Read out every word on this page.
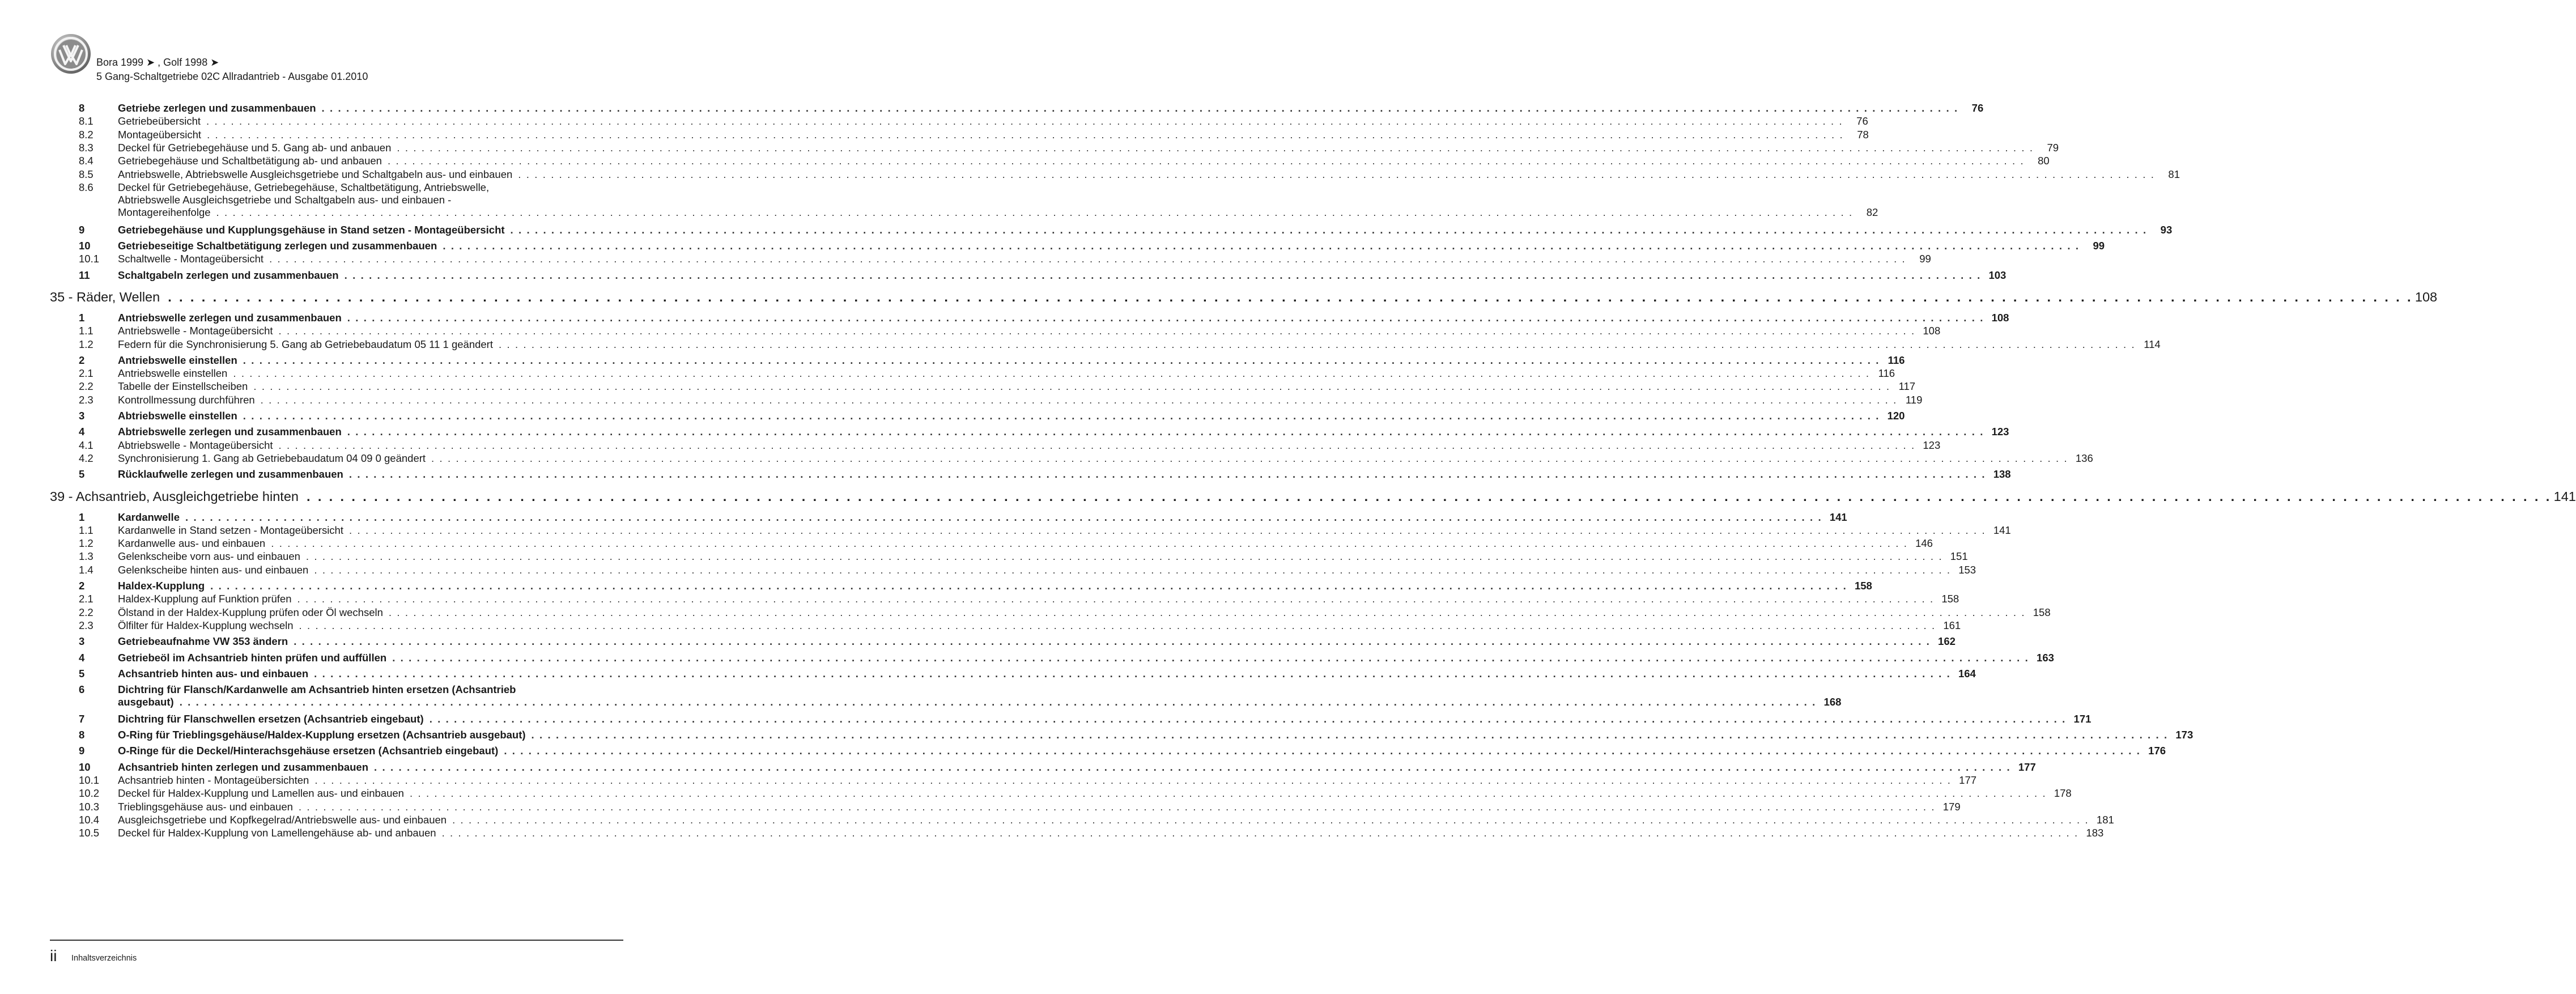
Bora 1999 ➤ , Golf 1998 ➤
5 Gang-Schaltgetriebe 02C Allradantrieb - Ausgabe 01.2010
8	Getriebe zerlegen und zusammenbauen . . . . . . . . . . . . . . . . . . . . . . . . . . . . . . . . . . . . . . . . . . . . . . . . . . . . . . . . . . . . . . . . . . . . . . . . . . . . . . . . . . . . . . . . . . . . . . . . . . . . . . . . . . . . . . . . . . . . . . . . . . . . . . . . . . . . . . . . . . . . . . . . . . . . . . . . . . . . . . . . . . . . . . . . . . . . . . . . . . . . . . . . . . . . . . . . . . . . . . . .	76
8.1 Getriebeübersicht . . . . . . . . . . . . . . . . . . . . . . . . . . . . . . . . . . . . . . . . . . . . . . . . . . . . . . . . . . . . . . . . . . . . . . . . . . . . . . . . . . . . . . . . . . . . . . . . . . . . . . . . . . . . . . . . . . . . . . . . . . . . . . . . . . . . . . . . . . . . . . . . . . . . . . . . . . . . . . . . . . . . . . . . . . . . . . . . . . . . . . . . . . . . . . . . . . . . . . . .	76
8.2 Montageübersicht . . . . . . . . . . . . . . . . . . . . . . . . . . . . . . . . . . . . . . . . . . . . . . . . . . . . . . . . . . . . . . . . . . . . . . . . . . . . . . . . . . . . . . . . . . . . . . . . . . . . . . . . . . . . . . . . . . . . . . . . . . . . . . . . . . . . . . . . . . . . . . . . . . . . . . . . . . . . . . . . . . . . . . . . . . . . . . . . . . . . . . . . . . . . . . . . . . . . . . . .	78
8.3 Deckel für Getriebegehäuse und 5. Gang ab- und anbauen . . . . . . . . . . . . . . . . . . . . . . . . . . . . . . . . . . . . . . . . . . . . . . . . . . . . . . . . . . . . . . . . . . . . . . . . . . . . . . . . . . . . . . . . . . . . . . . . . . . . . . . . . . . . . . . . . . . . . . . . . . . . . . . . . . . . . . . . . . . . . . . . . . . . . . . . . . . . . . . . . . . . . . . . . . . . . . . . . . . . . . . . . . . . . . . . . . . . . . . .	79
8.4 Getriebegehäuse und Schaltbetätigung ab- und anbauen . . . . . . . . . . . . . . . . . . . . . . . . . . . . . . . . . . . . . . . . . . . . . . . . . . . . . . . . . . . . . . . . . . . . . . . . . . . . . . . . . . . . . . . . . . . . . . . . . . . . . . . . . . . . . . . . . . . . . . . . . . . . . . . . . . . . . . . . . . . . . . . . . . . . . . . . . . . . . . . . . . . . . . . . . . . . . . . . . . . . . . . . . . . . . . . . . . . . . . . .	80
8.5 Antriebswelle, Abtriebswelle Ausgleichsgetriebe und Schaltgabeln aus- und einbauen . . . . . . . . . . . . . . . . . . . . . . . . . . . . . . . . . . . . . . . . . . . . . . . . . . . . . . . . . . . . . . . . . . . . . . . . . . . . . . . . . . . . . . . . . . . . . . . . . . . . . . . . . . . . . . . . . . . . . . . . . . . . . . . . . . . . . . . . . . . . . . . . . . . . . . . . . . . . . . . . . . . . . . . . . . . . . . . . . . . . . . . . . . . . . . . . . . . . . . . .	81
8.6 Deckel für Getriebegehäuse, Getriebegehäuse, Schaltbetätigung, Antriebswelle,
Abtriebswelle Ausgleichsgetriebe und Schaltgabeln aus- und einbauen -
Montagereihenfolge . . . . . . . . . . . . . . . . . . . . . . . . . . . . . . . . . . . . . . . . . . . . . . . . . . . . . . . . . . . . . . . . . . . . . . . . . . . . . . . . . . . . . . . . . . . . . . . . . . . . . . . . . . . . . . . . . . . . . . . . . . . . . . . . . . . . . . . . . . . . . . . . . . . . . . . . . . . . . . . . . . . . . . . . . . . . . . . . . . . . . . . . . . . . . . . . . . . . . . . .	82
9	Getriebegehäuse und Kupplungsgehäuse in Stand setzen - Montageübersicht . . . . . . . . . . . . . . . . . . . . . . . . . . . . . . . . . . . . . . . . . . . . . . . . . . . . . . . . . . . . . . . . . . . . . . . . . . . . . . . . . . . . . . . . . . . . . . . . . . . . . . . . . . . . . . . . . . . . . . . . . . . . . . . . . . . . . . . . . . . . . . . . . . . . . . . . . . . . . . . . . . . . . . . . . . . . . . . . . . . . . . . . . . . . . . . . . . . . . . . .	93
10	Getriebeseitige Schaltbetätigung zerlegen und zusammenbauen . . . . . . . . . . . . . . . . . . . . . . . . . . . . . . . . . . . . . . . . . . . . . . . . . . . . . . . . . . . . . . . . . . . . . . . . . . . . . . . . . . . . . . . . . . . . . . . . . . . . . . . . . . . . . . . . . . . . . . . . . . . . . . . . . . . . . . . . . . . . . . . . . . . . . . . . . . . . . . . . . . . . . . . . . . . . . . . . . . . . . . . . . . . . . . . . . . . . . . . .	99
10.1 Schaltwelle - Montageübersicht . . . . . . . . . . . . . . . . . . . . . . . . . . . . . . . . . . . . . . . . . . . . . . . . . . . . . . . . . . . . . . . . . . . . . . . . . . . . . . . . . . . . . . . . . . . . . . . . . . . . . . . . . . . . . . . . . . . . . . . . . . . . . . . . . . . . . . . . . . . . . . . . . . . . . . . . . . . . . . . . . . . . . . . . . . . . . . . . . . . . . . . . . . . . . . . . . . . . . . . .	99
11	Schaltgabeln zerlegen und zusammenbauen . . . . . . . . . . . . . . . . . . . . . . . . . . . . . . . . . . . . . . . . . . . . . . . . . . . . . . . . . . . . . . . . . . . . . . . . . . . . . . . . . . . . . . . . . . . . . . . . . . . . . . . . . . . . . . . . . . . . . . . . . . . . . . . . . . . . . . . . . . . . . . . . . . . . . . . . . . . . . . . . . . . . . . . . . . . . . . . . . . . . . . . . . . . . . . . . . . . . . . . . 103
35 - Räder, Wellen . . . . . . . . . . . . . . . . . . . . . . . . . . . . . . . . . . . . . . . . . . . . . . . . . . . . . . . . . . . . . . . . . . . . . . . . . . . . . . . . . . . . . . . . . . . . . . . . . . . . . . . . . . . . . . . . . . . . . . . . . . . . . . . . . . . . . . . . . . . . . . . . . . . . . . . . . . . . . . . . . . . . . . . . . . . . . . . . . . . . . . . . . . . . . . . . . . . . . . . . 108
1	Antriebswelle zerlegen und zusammenbauen . . . . . . . . . . . . . . . . . . . . . . . . . . . . . . . . . . . . . . . . . . . . . . . . . . . . . . . . . . . . . . . . . . . . . . . . . . . . . . . . . . . . . . . . . . . . . . . . . . . . . . . . . . . . . . . . . . . . . . . . . . . . . . . . . . . . . . . . . . . . . . . . . . . . . . . . . . . . . . . . . . . . . . . . . . . . . . . . . . . . . . . . . . . . . . . . . . . . . . . . 108
1.1 Antriebswelle - Montageübersicht . . . . . . . . . . . . . . . . . . . . . . . . . . . . . . . . . . . . . . . . . . . . . . . . . . . . . . . . . . . . . . . . . . . . . . . . . . . . . . . . . . . . . . . . . . . . . . . . . . . . . . . . . . . . . . . . . . . . . . . . . . . . . . . . . . . . . . . . . . . . . . . . . . . . . . . . . . . . . . . . . . . . . . . . . . . . . . . . . . . . . . . . . . . . . . . . . . . . . . . . 108
1.2 Federn für die Synchronisierung 5. Gang ab Getriebebaudatum 05 11 1 geändert . . . . . . . . . . . . . . . . . . . . . . . . . . . . . . . . . . . . . . . . . . . . . . . . . . . . . . . . . . . . . . . . . . . . . . . . . . . . . . . . . . . . . . . . . . . . . . . . . . . . . . . . . . . . . . . . . . . . . . . . . . . . . . . . . . . . . . . . . . . . . . . . . . . . . . . . . . . . . . . . . . . . . . . . . . . . . . . . . . . . . . . . . . . . . . . . . . . . . . . . 114
2	Antriebswelle einstellen . . . . . . . . . . . . . . . . . . . . . . . . . . . . . . . . . . . . . . . . . . . . . . . . . . . . . . . . . . . . . . . . . . . . . . . . . . . . . . . . . . . . . . . . . . . . . . . . . . . . . . . . . . . . . . . . . . . . . . . . . . . . . . . . . . . . . . . . . . . . . . . . . . . . . . . . . . . . . . . . . . . . . . . . . . . . . . . . . . . . . . . . . . . . . . . . . . . . . . . . 116
2.1 Antriebswelle einstellen . . . . . . . . . . . . . . . . . . . . . . . . . . . . . . . . . . . . . . . . . . . . . . . . . . . . . . . . . . . . . . . . . . . . . . . . . . . . . . . . . . . . . . . . . . . . . . . . . . . . . . . . . . . . . . . . . . . . . . . . . . . . . . . . . . . . . . . . . . . . . . . . . . . . . . . . . . . . . . . . . . . . . . . . . . . . . . . . . . . . . . . . . . . . . . . . . . . . . . . . 116
2.2 Tabelle der Einstellscheiben . . . . . . . . . . . . . . . . . . . . . . . . . . . . . . . . . . . . . . . . . . . . . . . . . . . . . . . . . . . . . . . . . . . . . . . . . . . . . . . . . . . . . . . . . . . . . . . . . . . . . . . . . . . . . . . . . . . . . . . . . . . . . . . . . . . . . . . . . . . . . . . . . . . . . . . . . . . . . . . . . . . . . . . . . . . . . . . . . . . . . . . . . . . . . . . . . . . . . . . . 117
2.3 Kontrollmessung durchführen . . . . . . . . . . . . . . . . . . . . . . . . . . . . . . . . . . . . . . . . . . . . . . . . . . . . . . . . . . . . . . . . . . . . . . . . . . . . . . . . . . . . . . . . . . . . . . . . . . . . . . . . . . . . . . . . . . . . . . . . . . . . . . . . . . . . . . . . . . . . . . . . . . . . . . . . . . . . . . . . . . . . . . . . . . . . . . . . . . . . . . . . . . . . . . . . . . . . . . . . 119
3	Abtriebswelle einstellen . . . . . . . . . . . . . . . . . . . . . . . . . . . . . . . . . . . . . . . . . . . . . . . . . . . . . . . . . . . . . . . . . . . . . . . . . . . . . . . . . . . . . . . . . . . . . . . . . . . . . . . . . . . . . . . . . . . . . . . . . . . . . . . . . . . . . . . . . . . . . . . . . . . . . . . . . . . . . . . . . . . . . . . . . . . . . . . . . . . . . . . . . . . . . . . . . . . . . . . . 120
4	Abtriebswelle zerlegen und zusammenbauen . . . . . . . . . . . . . . . . . . . . . . . . . . . . . . . . . . . . . . . . . . . . . . . . . . . . . . . . . . . . . . . . . . . . . . . . . . . . . . . . . . . . . . . . . . . . . . . . . . . . . . . . . . . . . . . . . . . . . . . . . . . . . . . . . . . . . . . . . . . . . . . . . . . . . . . . . . . . . . . . . . . . . . . . . . . . . . . . . . . . . . . . . . . . . . . . . . . . . . . . 123
4.1 Abtriebswelle - Montageübersicht . . . . . . . . . . . . . . . . . . . . . . . . . . . . . . . . . . . . . . . . . . . . . . . . . . . . . . . . . . . . . . . . . . . . . . . . . . . . . . . . . . . . . . . . . . . . . . . . . . . . . . . . . . . . . . . . . . . . . . . . . . . . . . . . . . . . . . . . . . . . . . . . . . . . . . . . . . . . . . . . . . . . . . . . . . . . . . . . . . . . . . . . . . . . . . . . . . . . . . . . 123
4.2 Synchronisierung 1. Gang ab Getriebebaudatum 04 09 0 geändert . . . . . . . . . . . . . . . . . . . . . . . . . . . . . . . . . . . . . . . . . . . . . . . . . . . . . . . . . . . . . . . . . . . . . . . . . . . . . . . . . . . . . . . . . . . . . . . . . . . . . . . . . . . . . . . . . . . . . . . . . . . . . . . . . . . . . . . . . . . . . . . . . . . . . . . . . . . . . . . . . . . . . . . . . . . . . . . . . . . . . . . . . . . . . . . . . . . . . . . . 136
5	Rücklaufwelle zerlegen und zusammenbauen . . . . . . . . . . . . . . . . . . . . . . . . . . . . . . . . . . . . . . . . . . . . . . . . . . . . . . . . . . . . . . . . . . . . . . . . . . . . . . . . . . . . . . . . . . . . . . . . . . . . . . . . . . . . . . . . . . . . . . . . . . . . . . . . . . . . . . . . . . . . . . . . . . . . . . . . . . . . . . . . . . . . . . . . . . . . . . . . . . . . . . . . . . . . . . . . . . . . . . . . 138
39 - Achsantrieb, Ausgleichgetriebe hinten . . . . . . . . . . . . . . . . . . . . . . . . . . . . . . . . . . . . . . . . . . . . . . . . . . . . . . . . . . . . . . . . . . . . . . . . . . . . . . . . . . . . . . . . . . . . . . . . . . . . . . . . . . . . . . . . . . . . . . . . . . . . . . . . . . . . . . . . . . . . . . . . . . . . . . . . . . . . . . . . . . . . . . . . . . . . . . . . . . . . . . . . . . . . . . . . . . . . . . . . 141
1	Kardanwelle . . . . . . . . . . . . . . . . . . . . . . . . . . . . . . . . . . . . . . . . . . . . . . . . . . . . . . . . . . . . . . . . . . . . . . . . . . . . . . . . . . . . . . . . . . . . . . . . . . . . . . . . . . . . . . . . . . . . . . . . . . . . . . . . . . . . . . . . . . . . . . . . . . . . . . . . . . . . . . . . . . . . . . . . . . . . . . . . . . . . . . . . . . . . . . . . . . . . . . . . 141
1.1 Kardanwelle in Stand setzen - Montageübersicht . . . . . . . . . . . . . . . . . . . . . . . . . . . . . . . . . . . . . . . . . . . . . . . . . . . . . . . . . . . . . . . . . . . . . . . . . . . . . . . . . . . . . . . . . . . . . . . . . . . . . . . . . . . . . . . . . . . . . . . . . . . . . . . . . . . . . . . . . . . . . . . . . . . . . . . . . . . . . . . . . . . . . . . . . . . . . . . . . . . . . . . . . . . . . . . . . . . . . . . . 141
1.2 Kardanwelle aus- und einbauen . . . . . . . . . . . . . . . . . . . . . . . . . . . . . . . . . . . . . . . . . . . . . . . . . . . . . . . . . . . . . . . . . . . . . . . . . . . . . . . . . . . . . . . . . . . . . . . . . . . . . . . . . . . . . . . . . . . . . . . . . . . . . . . . . . . . . . . . . . . . . . . . . . . . . . . . . . . . . . . . . . . . . . . . . . . . . . . . . . . . . . . . . . . . . . . . . . . . . . . . 146
1.3 Gelenkscheibe vorn aus- und einbauen . . . . . . . . . . . . . . . . . . . . . . . . . . . . . . . . . . . . . . . . . . . . . . . . . . . . . . . . . . . . . . . . . . . . . . . . . . . . . . . . . . . . . . . . . . . . . . . . . . . . . . . . . . . . . . . . . . . . . . . . . . . . . . . . . . . . . . . . . . . . . . . . . . . . . . . . . . . . . . . . . . . . . . . . . . . . . . . . . . . . . . . . . . . . . . . . . . . . . . . . 151
1.4 Gelenkscheibe hinten aus- und einbauen . . . . . . . . . . . . . . . . . . . . . . . . . . . . . . . . . . . . . . . . . . . . . . . . . . . . . . . . . . . . . . . . . . . . . . . . . . . . . . . . . . . . . . . . . . . . . . . . . . . . . . . . . . . . . . . . . . . . . . . . . . . . . . . . . . . . . . . . . . . . . . . . . . . . . . . . . . . . . . . . . . . . . . . . . . . . . . . . . . . . . . . . . . . . . . . . . . . . . . . . 153
2	Haldex-Kupplung . . . . . . . . . . . . . . . . . . . . . . . . . . . . . . . . . . . . . . . . . . . . . . . . . . . . . . . . . . . . . . . . . . . . . . . . . . . . . . . . . . . . . . . . . . . . . . . . . . . . . . . . . . . . . . . . . . . . . . . . . . . . . . . . . . . . . . . . . . . . . . . . . . . . . . . . . . . . . . . . . . . . . . . . . . . . . . . . . . . . . . . . . . . . . . . . . . . . . . . . 158
2.1 Haldex-Kupplung auf Funktion prüfen . . . . . . . . . . . . . . . . . . . . . . . . . . . . . . . . . . . . . . . . . . . . . . . . . . . . . . . . . . . . . . . . . . . . . . . . . . . . . . . . . . . . . . . . . . . . . . . . . . . . . . . . . . . . . . . . . . . . . . . . . . . . . . . . . . . . . . . . . . . . . . . . . . . . . . . . . . . . . . . . . . . . . . . . . . . . . . . . . . . . . . . . . . . . . . . . . . . . . . . . 158
2.2 Ölstand in der Haldex-Kupplung prüfen oder Öl wechseln . . . . . . . . . . . . . . . . . . . . . . . . . . . . . . . . . . . . . . . . . . . . . . . . . . . . . . . . . . . . . . . . . . . . . . . . . . . . . . . . . . . . . . . . . . . . . . . . . . . . . . . . . . . . . . . . . . . . . . . . . . . . . . . . . . . . . . . . . . . . . . . . . . . . . . . . . . . . . . . . . . . . . . . . . . . . . . . . . . . . . . . . . . . . . . . . . . . . . . . . 158
2.3 Ölfilter für Haldex-Kupplung wechseln . . . . . . . . . . . . . . . . . . . . . . . . . . . . . . . . . . . . . . . . . . . . . . . . . . . . . . . . . . . . . . . . . . . . . . . . . . . . . . . . . . . . . . . . . . . . . . . . . . . . . . . . . . . . . . . . . . . . . . . . . . . . . . . . . . . . . . . . . . . . . . . . . . . . . . . . . . . . . . . . . . . . . . . . . . . . . . . . . . . . . . . . . . . . . . . . . . . . . . . . 161
3	Getriebeaufnahme VW 353 ändern . . . . . . . . . . . . . . . . . . . . . . . . . . . . . . . . . . . . . . . . . . . . . . . . . . . . . . . . . . . . . . . . . . . . . . . . . . . . . . . . . . . . . . . . . . . . . . . . . . . . . . . . . . . . . . . . . . . . . . . . . . . . . . . . . . . . . . . . . . . . . . . . . . . . . . . . . . . . . . . . . . . . . . . . . . . . . . . . . . . . . . . . . . . . . . . . . . . . . . . . 162
4	Getriebeöl im Achsantrieb hinten prüfen und auffüllen . . . . . . . . . . . . . . . . . . . . . . . . . . . . . . . . . . . . . . . . . . . . . . . . . . . . . . . . . . . . . . . . . . . . . . . . . . . . . . . . . . . . . . . . . . . . . . . . . . . . . . . . . . . . . . . . . . . . . . . . . . . . . . . . . . . . . . . . . . . . . . . . . . . . . . . . . . . . . . . . . . . . . . . . . . . . . . . . . . . . . . . . . . . . . . . . . . . . . . . . 163
5	Achsantrieb hinten aus- und einbauen . . . . . . . . . . . . . . . . . . . . . . . . . . . . . . . . . . . . . . . . . . . . . . . . . . . . . . . . . . . . . . . . . . . . . . . . . . . . . . . . . . . . . . . . . . . . . . . . . . . . . . . . . . . . . . . . . . . . . . . . . . . . . . . . . . . . . . . . . . . . . . . . . . . . . . . . . . . . . . . . . . . . . . . . . . . . . . . . . . . . . . . . . . . . . . . . . . . . . . . . 164
6	Dichtring für Flansch/Kardanwelle am Achsantrieb hinten ersetzen (Achsantrieb
ausgebaut) . . . . . . . . . . . . . . . . . . . . . . . . . . . . . . . . . . . . . . . . . . . . . . . . . . . . . . . . . . . . . . . . . . . . . . . . . . . . . . . . . . . . . . . . . . . . . . . . . . . . . . . . . . . . . . . . . . . . . . . . . . . . . . . . . . . . . . . . . . . . . . . . . . . . . . . . . . . . . . . . . . . . . . . . . . . . . . . . . . . . . . . . . . . . . . . . . . . . . . . . 168
7	Dichtring für Flanschwellen ersetzen (Achsantrieb eingebaut) . . . . . . . . . . . . . . . . . . . . . . . . . . . . . . . . . . . . . . . . . . . . . . . . . . . . . . . . . . . . . . . . . . . . . . . . . . . . . . . . . . . . . . . . . . . . . . . . . . . . . . . . . . . . . . . . . . . . . . . . . . . . . . . . . . . . . . . . . . . . . . . . . . . . . . . . . . . . . . . . . . . . . . . . . . . . . . . . . . . . . . . . . . . . . . . . . . . . . . . . 171
8	O-Ring für Trieblingsgehäuse/Haldex-Kupplung ersetzen (Achsantrieb ausgebaut) . . . . . . . . . . . . . . . . . . . . . . . . . . . . . . . . . . . . . . . . . . . . . . . . . . . . . . . . . . . . . . . . . . . . . . . . . . . . . . . . . . . . . . . . . . . . . . . . . . . . . . . . . . . . . . . . . . . . . . . . . . . . . . . . . . . . . . . . . . . . . . . . . . . . . . . . . . . . . . . . . . . . . . . . . . . . . . . . . . . . . . . . . . . . . . . . . . . . . . . . 173
9	O-Ringe für die Deckel/Hinterachsgehäuse ersetzen (Achsantrieb eingebaut) . . . . . . . . . . . . . . . . . . . . . . . . . . . . . . . . . . . . . . . . . . . . . . . . . . . . . . . . . . . . . . . . . . . . . . . . . . . . . . . . . . . . . . . . . . . . . . . . . . . . . . . . . . . . . . . . . . . . . . . . . . . . . . . . . . . . . . . . . . . . . . . . . . . . . . . . . . . . . . . . . . . . . . . . . . . . . . . . . . . . . . . . . . . . . . . . . . . . . . . . 176
10	Achsantrieb hinten zerlegen und zusammenbauen . . . . . . . . . . . . . . . . . . . . . . . . . . . . . . . . . . . . . . . . . . . . . . . . . . . . . . . . . . . . . . . . . . . . . . . . . . . . . . . . . . . . . . . . . . . . . . . . . . . . . . . . . . . . . . . . . . . . . . . . . . . . . . . . . . . . . . . . . . . . . . . . . . . . . . . . . . . . . . . . . . . . . . . . . . . . . . . . . . . . . . . . . . . . . . . . . . . . . . . . 177
10.1 Achsantrieb hinten - Montageübersichten . . . . . . . . . . . . . . . . . . . . . . . . . . . . . . . . . . . . . . . . . . . . . . . . . . . . . . . . . . . . . . . . . . . . . . . . . . . . . . . . . . . . . . . . . . . . . . . . . . . . . . . . . . . . . . . . . . . . . . . . . . . . . . . . . . . . . . . . . . . . . . . . . . . . . . . . . . . . . . . . . . . . . . . . . . . . . . . . . . . . . . . . . . . . . . . . . . . . . . . . 177
10.2 Deckel für Haldex-Kupplung und Lamellen aus- und einbauen . . . . . . . . . . . . . . . . . . . . . . . . . . . . . . . . . . . . . . . . . . . . . . . . . . . . . . . . . . . . . . . . . . . . . . . . . . . . . . . . . . . . . . . . . . . . . . . . . . . . . . . . . . . . . . . . . . . . . . . . . . . . . . . . . . . . . . . . . . . . . . . . . . . . . . . . . . . . . . . . . . . . . . . . . . . . . . . . . . . . . . . . . . . . . . . . . . . . . . . . 178
10.3 Trieblingsgehäuse aus- und einbauen . . . . . . . . . . . . . . . . . . . . . . . . . . . . . . . . . . . . . . . . . . . . . . . . . . . . . . . . . . . . . . . . . . . . . . . . . . . . . . . . . . . . . . . . . . . . . . . . . . . . . . . . . . . . . . . . . . . . . . . . . . . . . . . . . . . . . . . . . . . . . . . . . . . . . . . . . . . . . . . . . . . . . . . . . . . . . . . . . . . . . . . . . . . . . . . . . . . . . . . . 179
10.4 Ausgleichsgetriebe und Kopfkegelrad/Antriebswelle aus- und einbauen . . . . . . . . . . . . . . . . . . . . . . . . . . . . . . . . . . . . . . . . . . . . . . . . . . . . . . . . . . . . . . . . . . . . . . . . . . . . . . . . . . . . . . . . . . . . . . . . . . . . . . . . . . . . . . . . . . . . . . . . . . . . . . . . . . . . . . . . . . . . . . . . . . . . . . . . . . . . . . . . . . . . . . . . . . . . . . . . . . . . . . . . . . . . . . . . . . . . . . . . 181
10.5 Deckel für Haldex-Kupplung von Lamellengehäuse ab- und anbauen . . . . . . . . . . . . . . . . . . . . . . . . . . . . . . . . . . . . . . . . . . . . . . . . . . . . . . . . . . . . . . . . . . . . . . . . . . . . . . . . . . . . . . . . . . . . . . . . . . . . . . . . . . . . . . . . . . . . . . . . . . . . . . . . . . . . . . . . . . . . . . . . . . . . . . . . . . . . . . . . . . . . . . . . . . . . . . . . . . . . . . . . . . . . . . . . . . . . . . . . 183
ii Inhaltsverzeichnis
